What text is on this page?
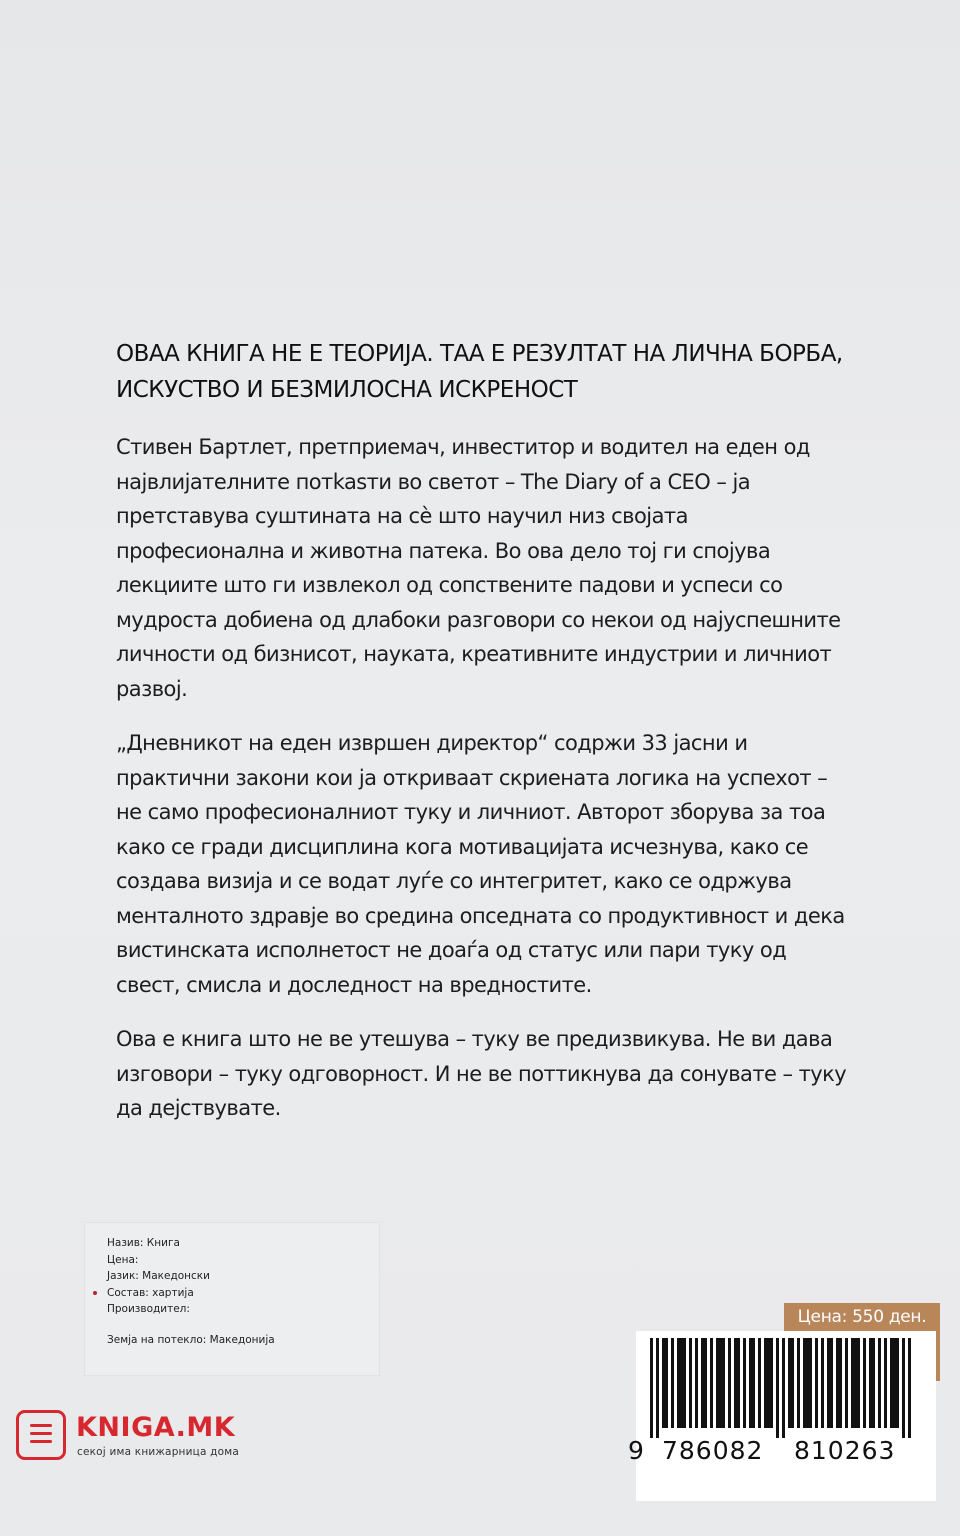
ОВАА КНИГА НЕ Е ТЕОРИЈА. ТАА Е РЕЗУЛТАТ НА ЛИЧНА БОРБА, ИСКУСТВО И БЕЗМИЛОСНА ИСКРЕНОСТ

Стивен Бартлет, претприемач, инвеститор и водител на еден од највлијателните потkasти во светот – The Diary of a CEO – ја претставува суштината на сè што научил низ својата професионална и животна патека. Во ова дело тој ги спојува лекциите што ги извлекол од сопствените падови и успеси со мудроста добиена од длабоки разговори со некои од најуспешните личности од бизнисот, науката, креативните индустрии и личниот развој.

„Дневникот на еден извршен директор“ содржи 33 јасни и практични закони кои ја откриваат скриената логика на успехот – не само професионалниот туку и личниот. Авторот зборува за тоа како се гради дисциплина кога мотивацијата исчезнува, како се создава визија и се водат луѓе со интегритет, како се одржува менталното здравје во средина опседната со продуктивност и дека вистинската исполнетост не доаѓа од статус или пари туку од свест, смисла и доследност на вредностите.

Ова е книга што не ве утешува – туку ве предизвикува. Не ви дава изговори – туку одговорност. И не ве поттикнува да сонувате – туку да дејствувате.

Назив: Книга
Цена:
Јазик: Македонски
Состав: хартија
Производител:
Земја на потекло: Македонија
Цена: 550 ден.
9 786082 810263
KNIGA.MK
секој има книжарница дома
